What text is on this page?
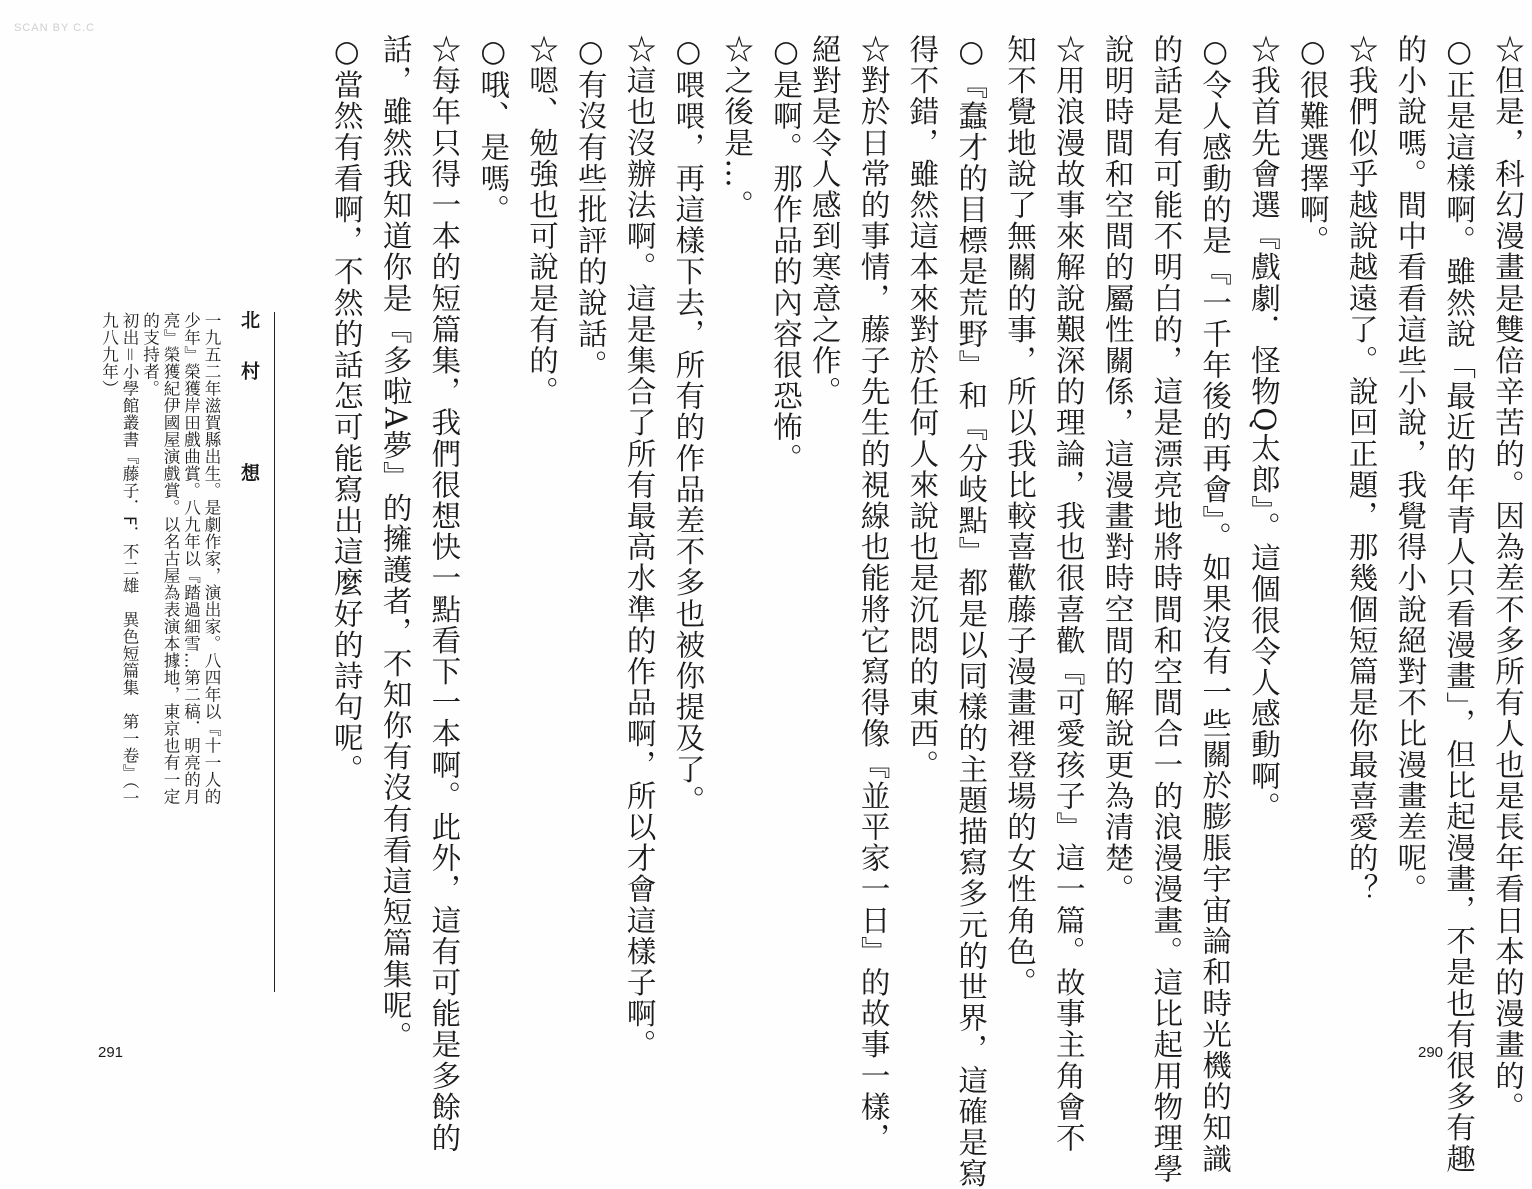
SCAN BY C.C
☆但是，科幻漫畫是雙倍辛苦的。因為差不多所有人也是長年看日本的漫畫的。
○正是這樣啊。雖然說「最近的年青人只看漫畫」，但比起漫畫，不是也有很多有趣
的小說嗎。間中看看這些小說，我覺得小說絕對不比漫畫差呢。
☆我們似乎越說越遠了。說回正題，那幾個短篇是你最喜愛的？
○很難選擇啊。
☆我首先會選『戲劇．怪物Q太郎』。這個很令人感動啊。
○令人感動的是『一千年後的再會』。如果沒有一些關於膨脹宇宙論和時光機的知識
的話是有可能不明白的，這是漂亮地將時間和空間合一的浪漫漫畫。這比起用物理學
說明時間和空間的屬性關係，這漫畫對時空間的解說更為清楚。
☆用浪漫故事來解說艱深的理論，我也很喜歡『可愛孩子』這一篇。故事主角會不
知不覺地說了無關的事，所以我比較喜歡藤子漫畫裡登場的女性角色。
○『蠢才的目標是荒野』和『分岐點』都是以同樣的主題描寫多元的世界，這確是寫
得不錯，雖然這本來對於任何人來說也是沉悶的東西。
☆對於日常的事情，藤子先生的視線也能將它寫得像『並平家一日』的故事一樣，
絕對是令人感到寒意之作。
○是啊。那作品的內容很恐怖。
☆之後是…。
○喂喂，再這樣下去，所有的作品差不多也被你提及了。
☆這也沒辦法啊。這是集合了所有最高水準的作品啊，所以才會這樣子啊。
○有沒有些批評的說話。
☆嗯、勉強也可說是有的。
○哦、是嗎。
☆每年只得一本的短篇集，我們很想快一點看下一本啊。此外，這有可能是多餘的
話，雖然我知道你是『多啦A夢』的擁護者，不知你有沒有看這短篇集呢。
○當然有看啊，不然的話怎可能寫出這麼好的詩句呢。
北村　想
一九五二年滋賀縣出生。是劇作家，演出家。八四年以『十一人的
少年』榮獲岸田戲曲賞。八九年以『踏過細雪…第二稿．明亮的月
亮』榮獲紀伊國屋演戲賞。以名古屋為表演本據地，東京也有一定
的支持者。
初出＝小學館叢書『藤子．F．不二雄　異色短篇集　第一卷』（一
九八九年）
291	290
